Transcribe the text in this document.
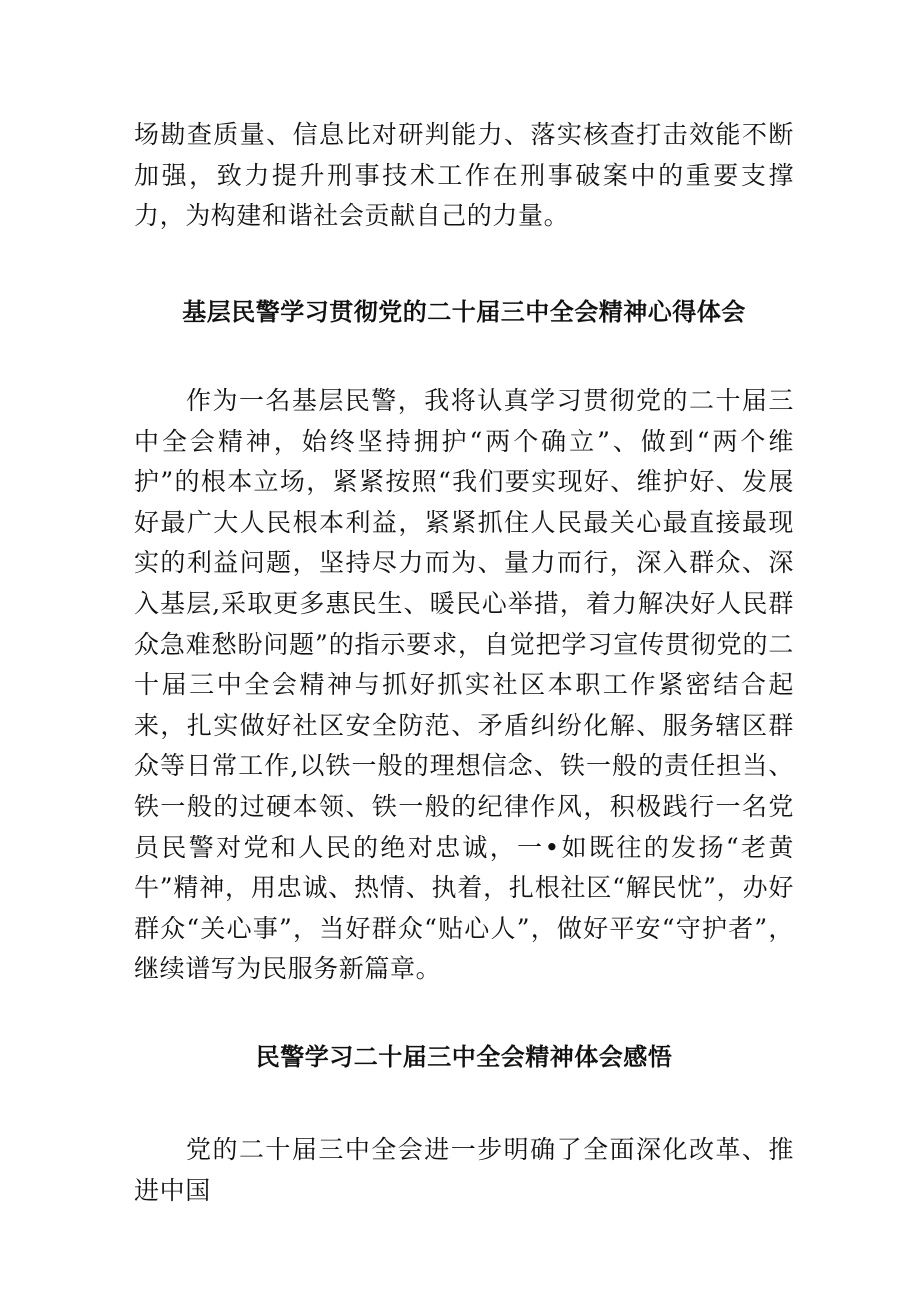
场勘查质量、信息比对研判能力、落实核查打击效能不断加强，致力提升刑事技术工作在刑事破案中的重要支撑力，为构建和谐社会贡献自己的力量。

基层民警学习贯彻党的二十届三中全会精神心得体会

作为一名基层民警，我将认真学习贯彻党的二十届三中全会精神，始终坚持拥护“两个确立”、做到“两个维护”的根本立场，紧紧按照“我们要实现好、维护好、发展好最广大人民根本利益，紧紧抓住人民最关心最直接最现实的利益问题，坚持尽力而为、量力而行，深入群众、深入基层,采取更多惠民生、暖民心举措，着力解决好人民群众急难愁盼问题”的指示要求，自觉把学习宣传贯彻党的二十届三中全会精神与抓好抓实社区本职工作紧密结合起来，扎实做好社区安全防范、矛盾纠纷化解、服务辖区群众等日常工作,以铁一般的理想信念、铁一般的责任担当、铁一般的过硬本领、铁一般的纪律作风，积极践行一名党员民警对党和人民的绝对忠诚，一•如既往的发扬“老黄牛”精神，用忠诚、热情、执着，扎根社区“解民忧”，办好群众“关心事”，当好群众“贴心人”，做好平安“守护者”，继续谱写为民服务新篇章。

民警学习二十届三中全会精神体会感悟

党的二十届三中全会进一步明确了全面深化改革、推进中国
